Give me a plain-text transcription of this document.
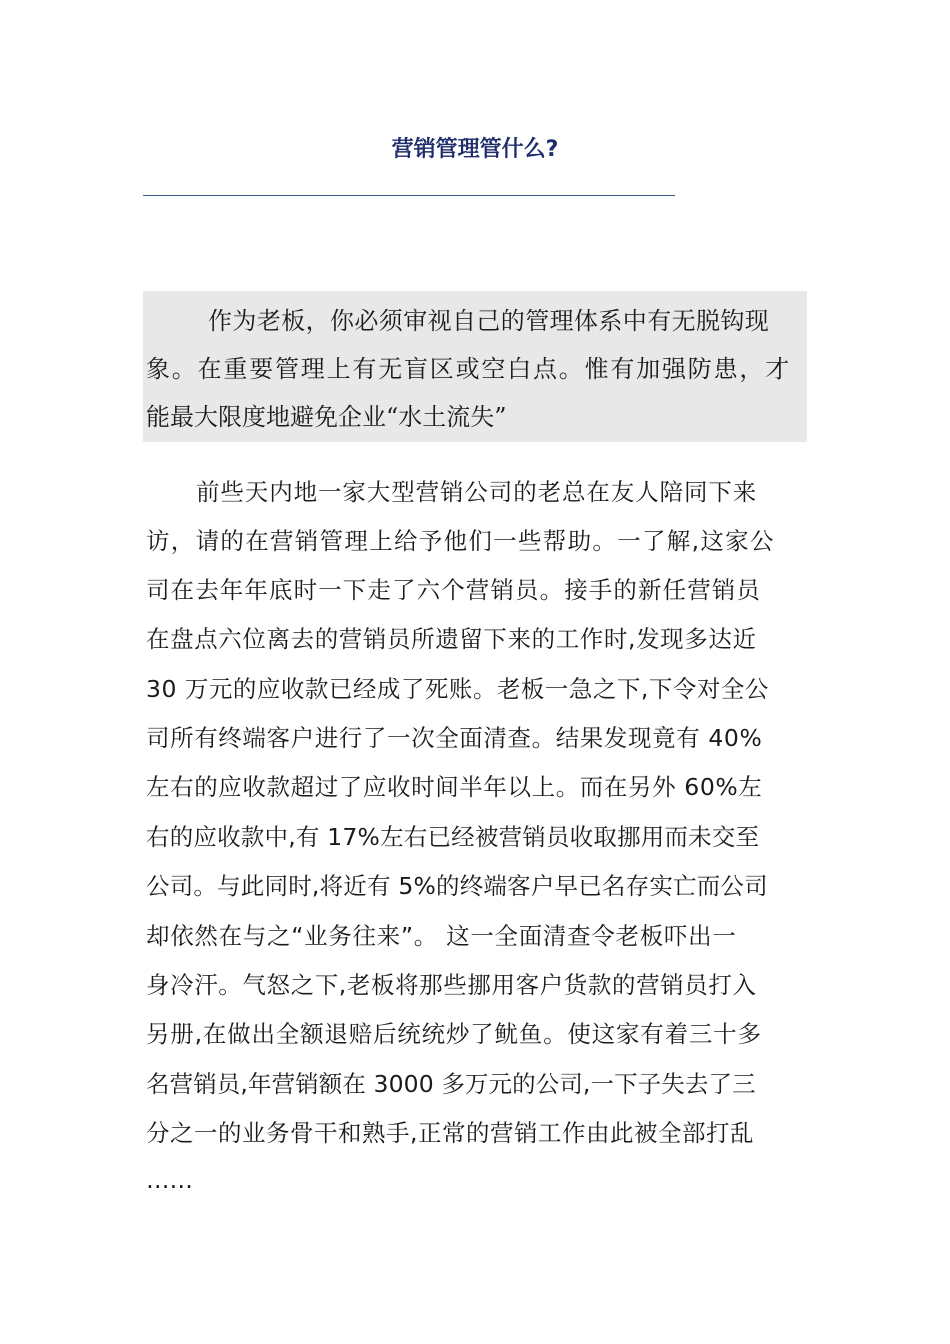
营销管理管什么?
作为老板，你必须审视自己的管理体系中有无脱钩现
象。在重要管理上有无盲区或空白点。惟有加强防患，才
能最大限度地避免企业“水土流失”
前些天内地一家大型营销公司的老总在友人陪同下来
访，请的在营销管理上给予他们一些帮助。一了解,这家公
司在去年年底时一下走了六个营销员。接手的新任营销员
在盘点六位离去的营销员所遗留下来的工作时,发现多达近
30 万元的应收款已经成了死账。老板一急之下,下令对全公
司所有终端客户进行了一次全面清查。结果发现竟有 40%
左右的应收款超过了应收时间半年以上。而在另外 60%左
右的应收款中,有 17%左右已经被营销员收取挪用而未交至
公司。与此同时,将近有 5%的终端客户早已名存实亡而公司
却依然在与之“业务往来”。 这一全面清查令老板吓出一
身冷汗。气怒之下,老板将那些挪用客户货款的营销员打入
另册,在做出全额退赔后统统炒了鱿鱼。使这家有着三十多
名营销员,年营销额在 3000 多万元的公司,一下子失去了三
分之一的业务骨干和熟手,正常的营销工作由此被全部打乱
……
